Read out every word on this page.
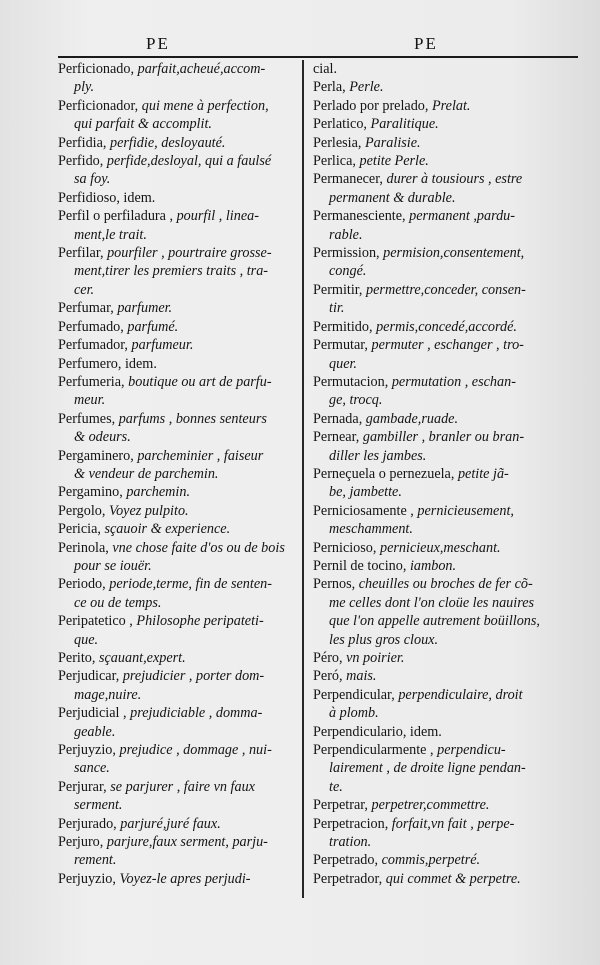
PE	PE
Perficionado, parfait,acheué,accom-
ply.
Perficionador, qui mene à perfection,
qui parfait & accomplit.
Perfidia, perfidie, desloyauté.
Perfido, perfide,desloyal, qui a faulsé
sa foy.
Perfidioso, idem.
Perfil o perfiladura , pourfil , linea-
ment,le trait.
Perfilar, pourfiler , pourtraire grosse-
ment,tirer les premiers traits , tra-
cer.
Perfumar, parfumer.
Perfumado, parfumé.
Perfumador, parfumeur.
Perfumero, idem.
Perfumeria, boutique ou art de parfu-
meur.
Perfumes, parfums , bonnes senteurs
& odeurs.
Pergaminero, parcheminier , faiseur
& vendeur de parchemin.
Pergamino, parchemin.
Pergolo, Voyez pulpito.
Pericia, sçauoir & experience.
Perinola, vne chose faite d'os ou de bois
pour se iouër.
Periodo, periode,terme, fin de senten-
ce ou de temps.
Peripatetico , Philosophe peripateti-
que.
Perito, sçauant,expert.
Perjudicar, prejudicier , porter dom-
mage,nuire.
Perjudicial , prejudiciable , domma-
geable.
Perjuyzio, prejudice , dommage , nui-
sance.
Perjurar, se parjurer , faire vn faux
serment.
Perjurado, parjuré,juré faux.
Perjuro, parjure,faux serment, parju-
rement.
Perjuyzio, Voyez-le apres perjudi-
cial.
Perla, Perle.
Perlado por prelado, Prelat.
Perlatico, Paralitique.
Perlesia, Paralisie.
Perlica, petite Perle.
Permanecer, durer à tousiours , estre
permanent & durable.
Permanesciente, permanent ,pardu-
rable.
Permission, permision,consentement,
congé.
Permitir, permettre,conceder, consen-
tir.
Permitido, permis,concedé,accordé.
Permutar, permuter , eschanger , tro-
quer.
Permutacion, permutation , eschan-
ge, trocq.
Pernada, gambade,ruade.
Pernear, gambiller , branler ou bran-
diller les jambes.
Perneçuela o pernezuela, petite jã-
be, jambette.
Perniciosamente , pernicieusement,
meschamment.
Pernicioso, pernicieux,meschant.
Pernil de tocino, iambon.
Pernos, cheuilles ou broches de fer cõ-
me celles dont l'on cloüe les nauires
que l'on appelle autrement boüillons,
les plus gros cloux.
Péro, vn poirier.
Peró, mais.
Perpendicular, perpendiculaire, droit
à plomb.
Perpendiculario, idem.
Perpendicularmente , perpendicu-
lairement , de droite ligne pendan-
te.
Perpetrar, perpetrer,commettre.
Perpetracion, forfait,vn fait , perpe-
tration.
Perpetrado, commis,perpetré.
Perpetrador, qui commet & perpetre.
